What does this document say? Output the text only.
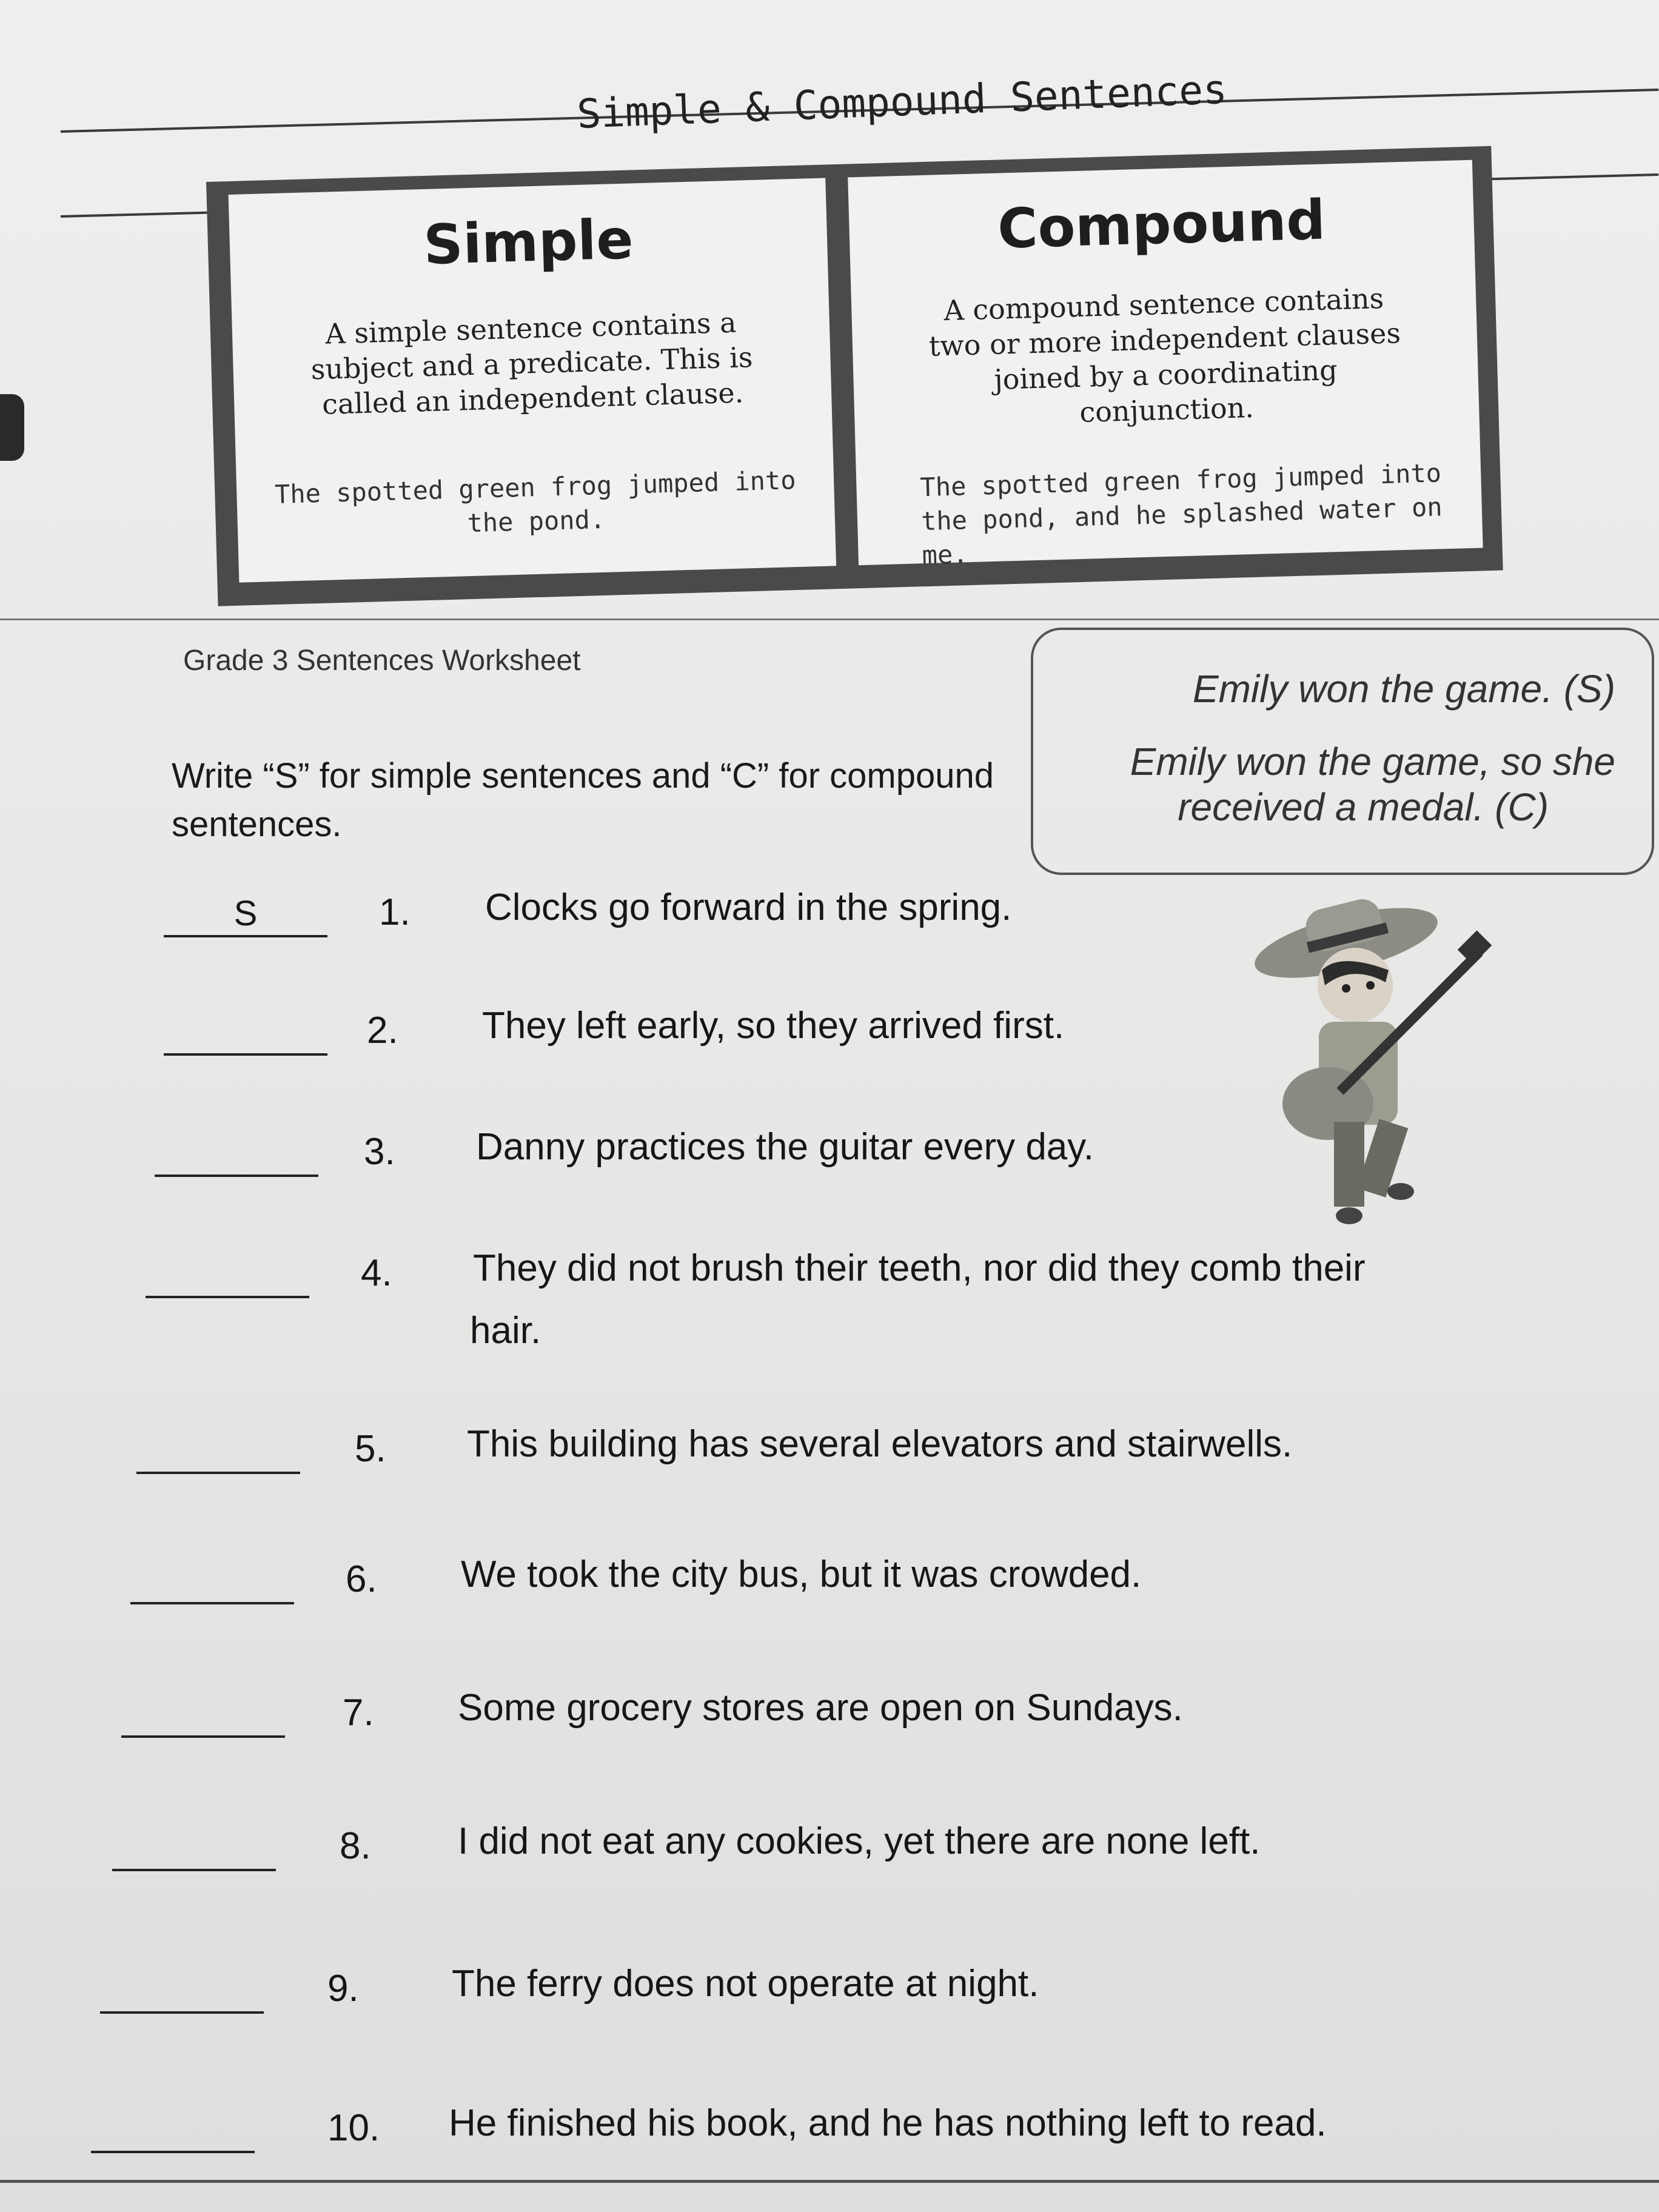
Simple & Compound Sentences
Simple
A simple sentence contains a subject and a predicate. This is called an independent clause.
The spotted green frog jumped into the pond.
Compound
A compound sentence contains two or more independent clauses joined by a coordinating conjunction.
The spotted green frog jumped into the pond, and he splashed water on me.
Grade 3 Sentences Worksheet
Emily won the game. (S)
Emily won the game, so she
received a medal. (C)
Write “S” for simple sentences and “C” for compound sentences.
S	1. Clocks go forward in the spring.
2. They left early, so they arrived first.
3. Danny practices the guitar every day.
4. They did not brush their teeth, nor did they comb their
hair.
5. This building has several elevators and stairwells.
6. We took the city bus, but it was crowded.
7. Some grocery stores are open on Sundays.
8. I did not eat any cookies, yet there are none left.
9. The ferry does not operate at night.
10. He finished his book, and he has nothing left to read.
